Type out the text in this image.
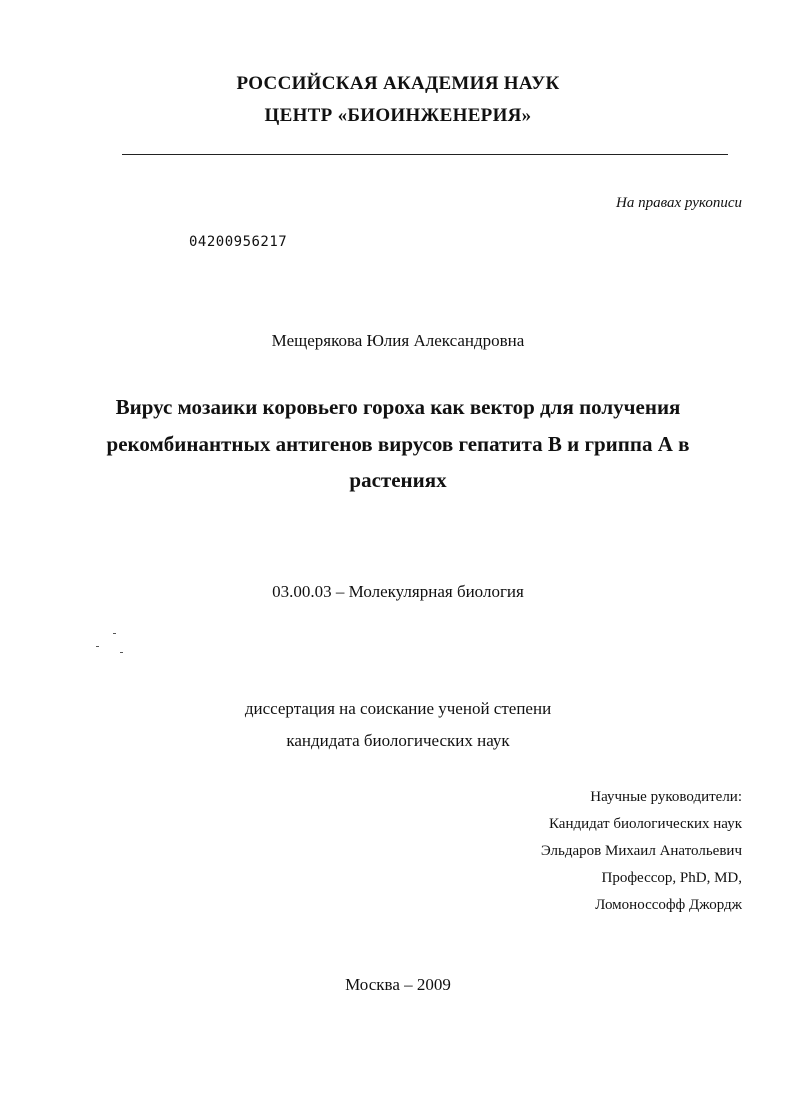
РОССИЙСКАЯ АКАДЕМИЯ НАУК
ЦЕНТР «БИОИНЖЕНЕРИЯ»
На правах рукописи
04200956217
Мещерякова Юлия Александровна
Вирус мозаики коровьего гороха как вектор для получения
рекомбинантных антигенов вирусов гепатита В и гриппа А в
растениях
03.00.03 – Молекулярная биология
диссертация на соискание ученой степени
кандидата биологических наук
Научные руководители:
Кандидат биологических наук
Эльдаров Михаил Анатольевич
Профессор, PhD, MD,
Ломоноссофф Джордж
Москва – 2009
